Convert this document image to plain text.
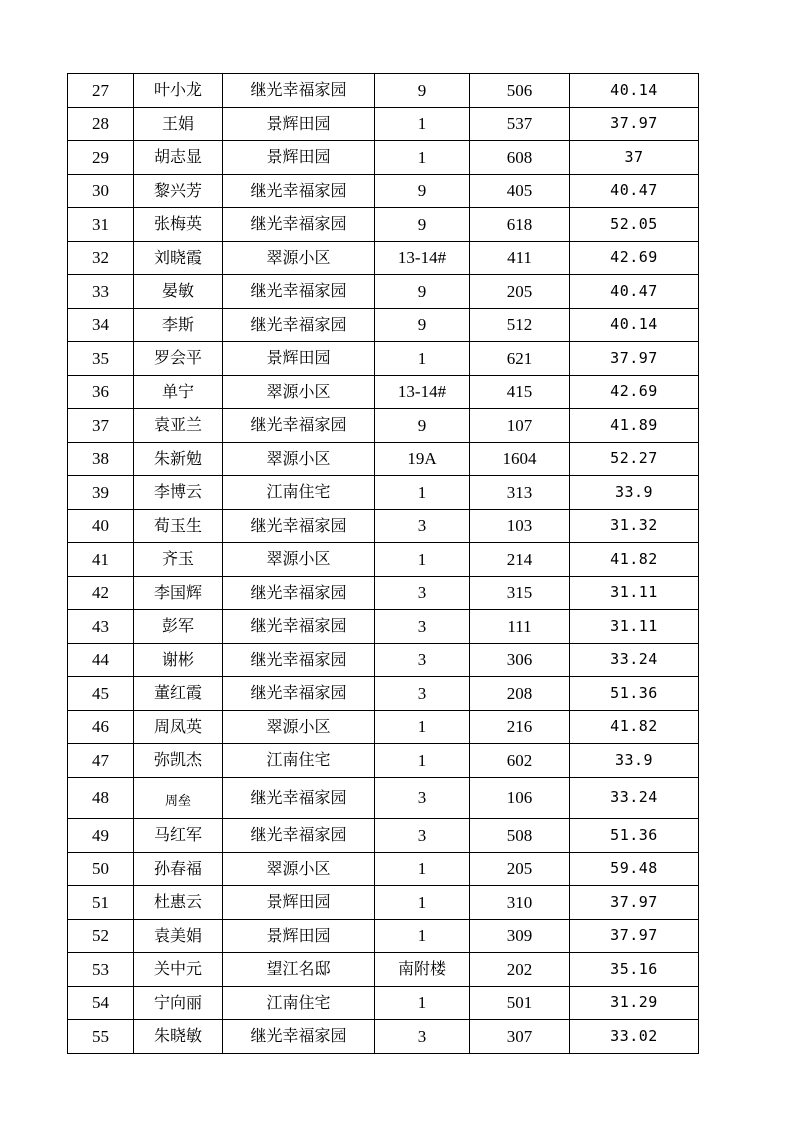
27	叶小龙	继光幸福家园	9	506	40.14
28	王娟	景辉田园	1	537	37.97
29	胡志显	景辉田园	1	608	37
30	黎兴芳	继光幸福家园	9	405	40.47
31	张梅英	继光幸福家园	9	618	52.05
32	刘晓霞	翠源小区	13-14#	411	42.69
33	晏敏	继光幸福家园	9	205	40.47
34	李斯	继光幸福家园	9	512	40.14
35	罗会平	景辉田园	1	621	37.97
36	单宁	翠源小区	13-14#	415	42.69
37	袁亚兰	继光幸福家园	9	107	41.89
38	朱新勉	翠源小区	19A	1604	52.27
39	李博云	江南住宅	1	313	33.9
40	荀玉生	继光幸福家园	3	103	31.32
41	齐玉	翠源小区	1	214	41.82
42	李国辉	继光幸福家园	3	315	31.11
43	彭军	继光幸福家园	3	111	31.11
44	谢彬	继光幸福家园	3	306	33.24
45	董红霞	继光幸福家园	3	208	51.36
46	周凤英	翠源小区	1	216	41.82
47	弥凯杰	江南住宅	1	602	33.9
48	周垒	继光幸福家园	3	106	33.24
49	马红军	继光幸福家园	3	508	51.36
50	孙春福	翠源小区	1	205	59.48
51	杜惠云	景辉田园	1	310	37.97
52	袁美娟	景辉田园	1	309	37.97
53	关中元	望江名邸	南附楼	202	35.16
54	宁向丽	江南住宅	1	501	31.29
55	朱晓敏	继光幸福家园	3	307	33.02
